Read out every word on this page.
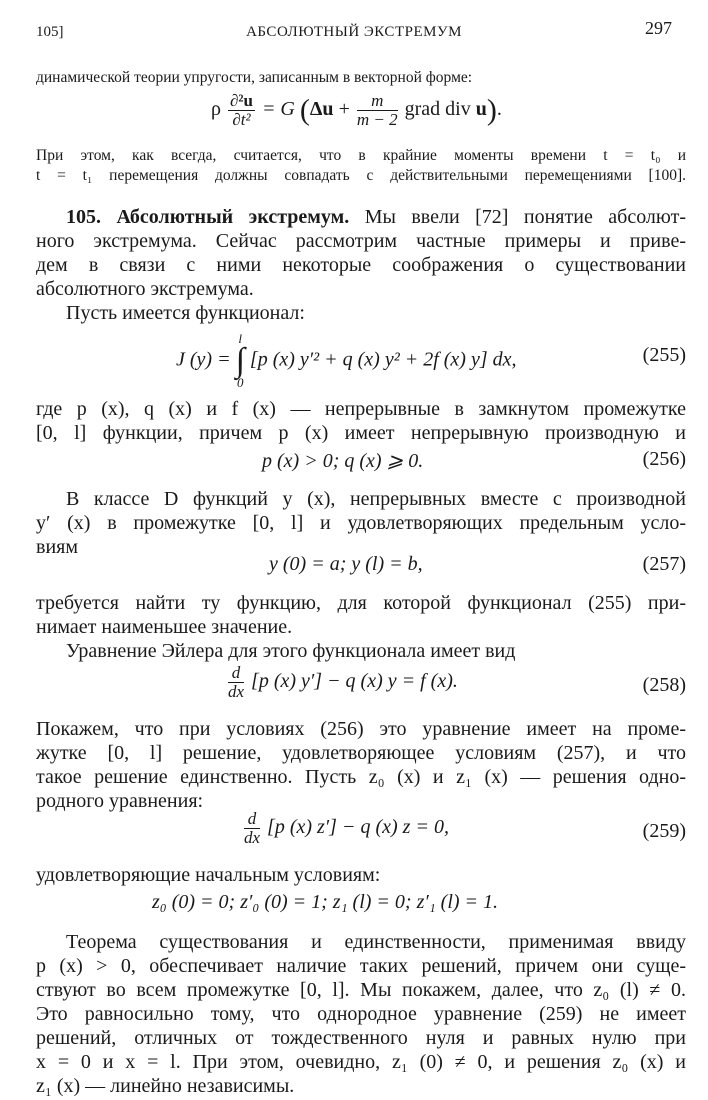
105]	АБСОЛЮТНЫЙ ЭКСТРЕМУМ	297
динамической теории упругости, записанным в векторной форме:
ρ $\frac{\text{∂²u}}{\text{∂t²}} = G$ ($\Delta u + \frac{m}{m - 2}$ grad div u).
При этом, как всегда, считается, что в крайние моменты времени t = t₀ и
t = t₁ перемещения должны совпадать с действительными перемещениями [100].
105. Абсолютный экстремум. Мы ввели [72] понятие абсолют-
ного экстремума. Сейчас рассмотрим частные примеры и приве-
дем в связи с ними некоторые соображения о существовании
абсолютного экстремума.
Пусть имеется функционал:
J (y) =
l
∫
0
[p (x) y′² + q (x) y² + 2f (x) y] dx,	(255)
где p (x), q (x) и f (x) — непрерывные в замкнутом промежутке
[0, l] функции, причем p (x) имеет непрерывную производную и
p (x) > 0; q (x) ⩾ 0.	(256)
В классе D функций y (x), непрерывных вместе с производной
y′ (x) в промежутке [0, l] и удовлетворяющих предельным усло-
виям
y (0) = a; y (l) = b,	(257)
требуется найти ту функцию, для которой функционал (255) при-
нимает наименьшее значение.
Уравнение Эйлера для этого функционала имеет вид
$\frac{d}{dx} [p$ (x) y′] − q (x) y = f (x).	(258)
Покажем, что при условиях (256) это уравнение имеет на проме-
жутке [0, l] решение, удовлетворяющее условиям (257), и что
такое решение единственно. Пусть z₀ (x) и z₁ (x) — решения одно-
родного уравнения:
$\frac{d}{dx} [p$ (x) z′] − q (x) z = 0,	(259)
удовлетворяющие начальным условиям:
z₀ (0) = 0; z′₀ (0) = 1; z₁ (l) = 0; z′₁ (l) = 1.
Теорема существования и единственности, применимая ввиду
p (x) > 0, обеспечивает наличие таких решений, причем они суще-
ствуют во всем промежутке [0, l]. Мы покажем, далее, что z₀ (l) ≠ 0.
Это равносильно тому, что однородное уравнение (259) не имеет
решений, отличных от тождественного нуля и равных нулю при
x = 0 и x = l. При этом, очевидно, z₁ (0) ≠ 0, и решения z₀ (x) и
z₁ (x) — линейно независимы.
